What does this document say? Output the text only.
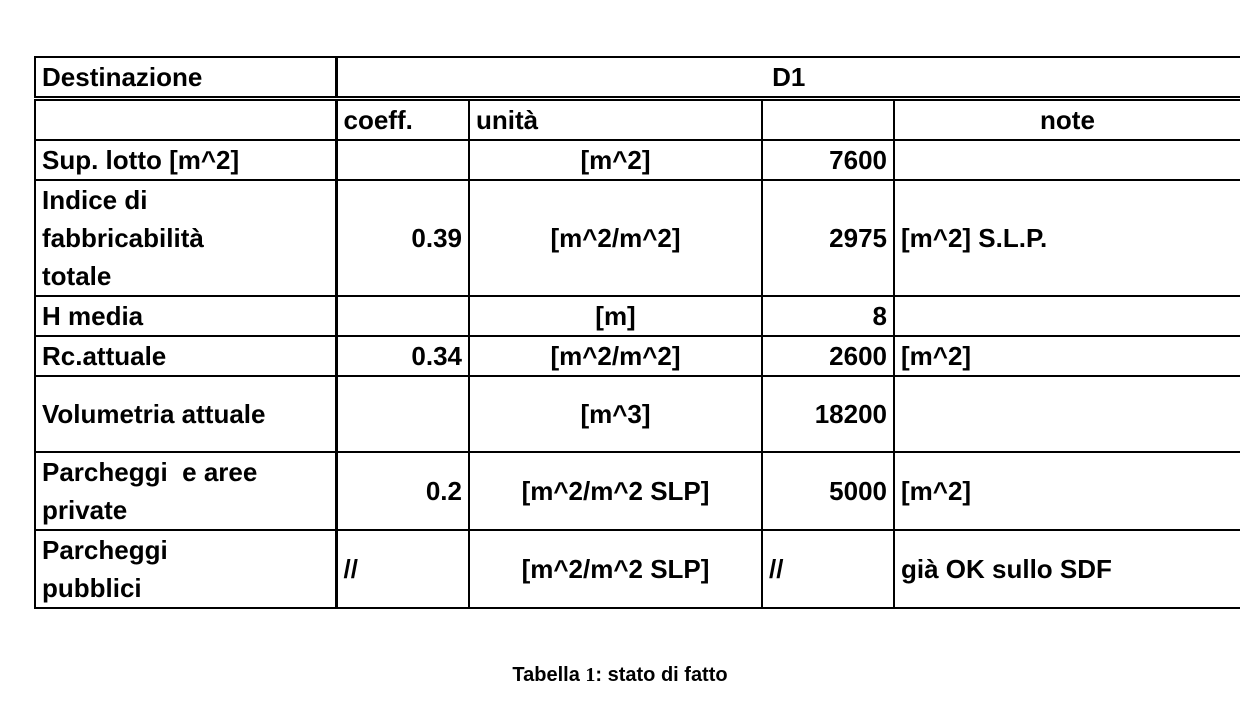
Destinazione	D1			
	coeff.	unità		note
Sup. lotto [m^2]		[m^2]	7600	
Indice di fabbricabilità totale	0.39	[m^2/m^2]	2975	[m^2] S.L.P.
H media		[m]	8	
Rc.attuale	0.34	[m^2/m^2]	2600	[m^2]
Volumetria attuale		[m^3]	18200	
Parcheggi  e aree private	0.2	[m^2/m^2 SLP]	5000	[m^2]
Parcheggi pubblici	//	[m^2/m^2 SLP]	//	già OK sullo SDF
Tabella 1: stato di fatto
